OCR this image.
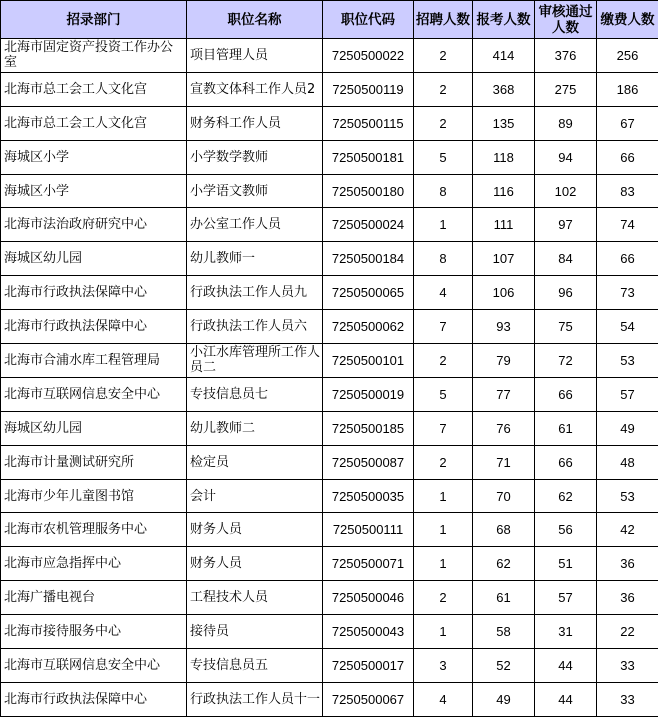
招录部门	职位名称	职位代码	招聘人数	报考人数	审核通过人数	缴费人数
北海市固定资产投资工作办公室	项目管理人员	7250500022	2	414	376	256
北海市总工会工人文化宫	宣教文体科工作人员2	7250500119	2	368	275	186
北海市总工会工人文化宫	财务科工作人员	7250500115	2	135	89	67
海城区小学	小学数学教师	7250500181	5	118	94	66
海城区小学	小学语文教师	7250500180	8	116	102	83
北海市法治政府研究中心	办公室工作人员	7250500024	1	111	97	74
海城区幼儿园	幼儿教师一	7250500184	8	107	84	66
北海市行政执法保障中心	行政执法工作人员九	7250500065	4	106	96	73
北海市行政执法保障中心	行政执法工作人员六	7250500062	7	93	75	54
北海市合浦水库工程管理局	小江水库管理所工作人员二	7250500101	2	79	72	53
北海市互联网信息安全中心	专技信息员七	7250500019	5	77	66	57
海城区幼儿园	幼儿教师二	7250500185	7	76	61	49
北海市计量测试研究所	检定员	7250500087	2	71	66	48
北海市少年儿童图书馆	会计	7250500035	1	70	62	53
北海市农机管理服务中心	财务人员	7250500111	1	68	56	42
北海市应急指挥中心	财务人员	7250500071	1	62	51	36
北海广播电视台	工程技术人员	7250500046	2	61	57	36
北海市接待服务中心	接待员	7250500043	1	58	31	22
北海市互联网信息安全中心	专技信息员五	7250500017	3	52	44	33
北海市行政执法保障中心	行政执法工作人员十一	7250500067	4	49	44	33
